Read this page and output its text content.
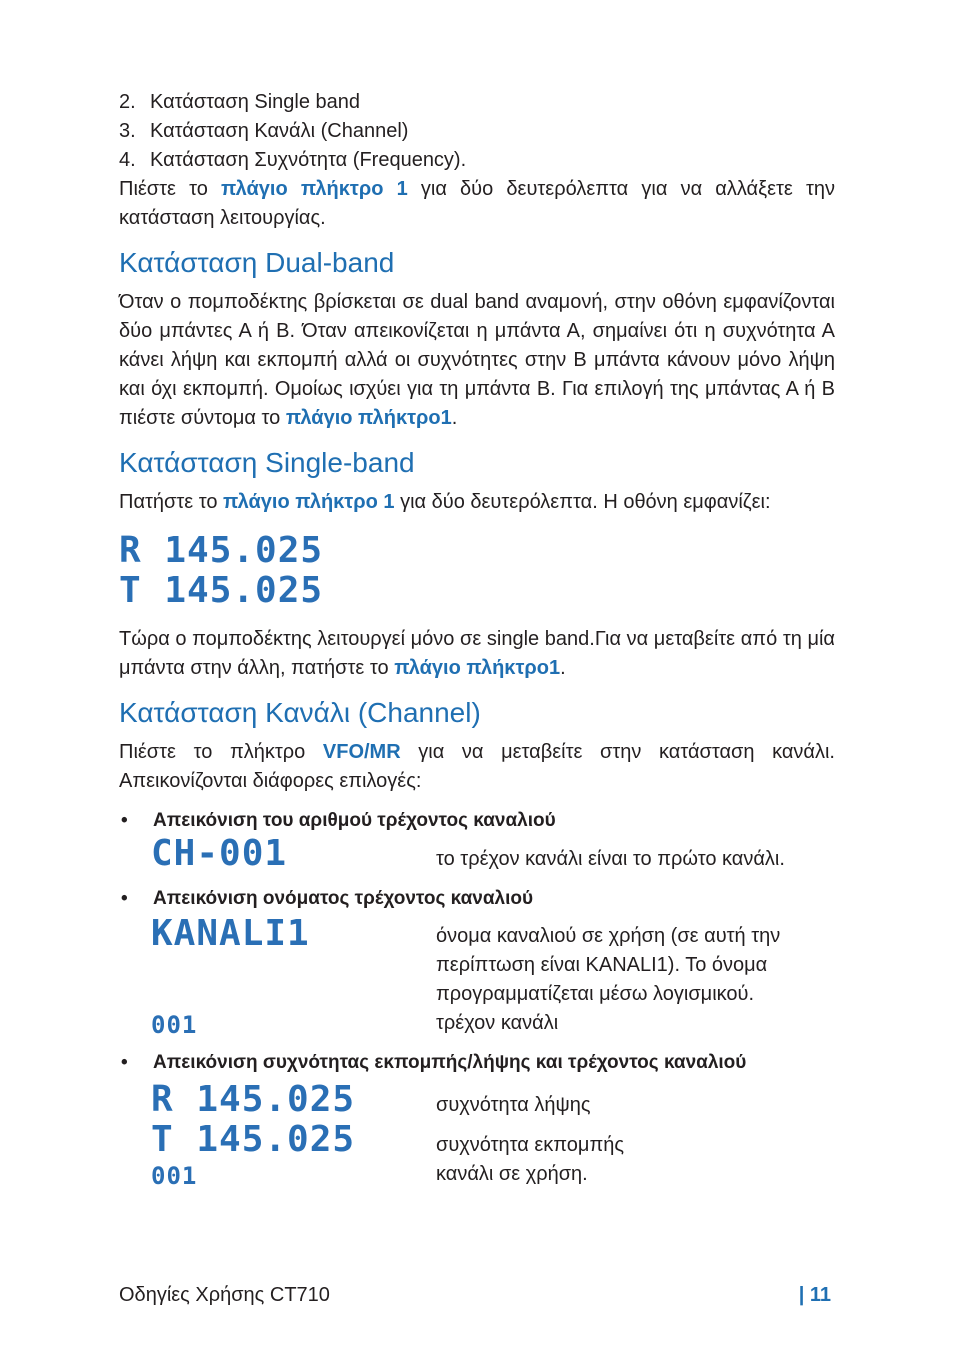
2. Κατάσταση Single band
3. Κατάσταση Κανάλι (Channel)
4. Κατάσταση Συχνότητα (Frequency).

Πιέστε το πλάγιο πλήκτρο 1 για δύο δευτερόλεπτα για να αλλάξετε την κατάσταση λειτουργίας.

Κατάσταση Dual-band

Όταν ο πομποδέκτης βρίσκεται σε dual band αναμονή, στην οθόνη εμφανίζονται δύο μπάντες Α ή Β. Όταν απεικονίζεται η μπάντα Α, σημαίνει ότι η συχνότητα Α κάνει λήψη και εκπομπή αλλά οι συχνότητες στην Β μπάντα κάνουν μόνο λήψη και όχι εκπομπή. Ομοίως ισχύει για τη μπάντα Β. Για επιλογή της μπάντας Α ή Β πιέστε σύντομα το πλάγιο πλήκτρο1.

Κατάσταση Single-band

Πατήστε το πλάγιο πλήκτρο 1 για δύο δευτερόλεπτα. Η οθόνη εμφανίζει:

R 145.025
T 145.025

Τώρα ο πομποδέκτης λειτουργεί μόνο σε single band.Για να μεταβείτε από τη μία μπάντα στην άλλη, πατήστε το πλάγιο πλήκτρο1.

Κατάσταση Κανάλι (Channel)

Πιέστε το πλήκτρο VFO/MR για να μεταβείτε στην κατάσταση κανάλι. Απεικονίζονται διάφορες επιλογές:

•	Απεικόνιση του αριθμού τρέχοντος καναλιού
CH-001	το τρέχον κανάλι είναι το πρώτο κανάλι.
•	Απεικόνιση ονόματος τρέχοντος καναλιού
KANALI1	όνομα καναλιού σε χρήση (σε αυτή την περίπτωση είναι KANALI1). Το όνομα προγραμματίζεται μέσω λογισμικού.
001	τρέχον κανάλι
•	Απεικόνιση συχνότητας εκπομπής/λήψης και τρέχοντος καναλιού
R 145.025	συχνότητα λήψης
T 145.025	συχνότητα εκπομπής
001	κανάλι σε χρήση.
Οδηγίες Χρήσης CT710	| 11
